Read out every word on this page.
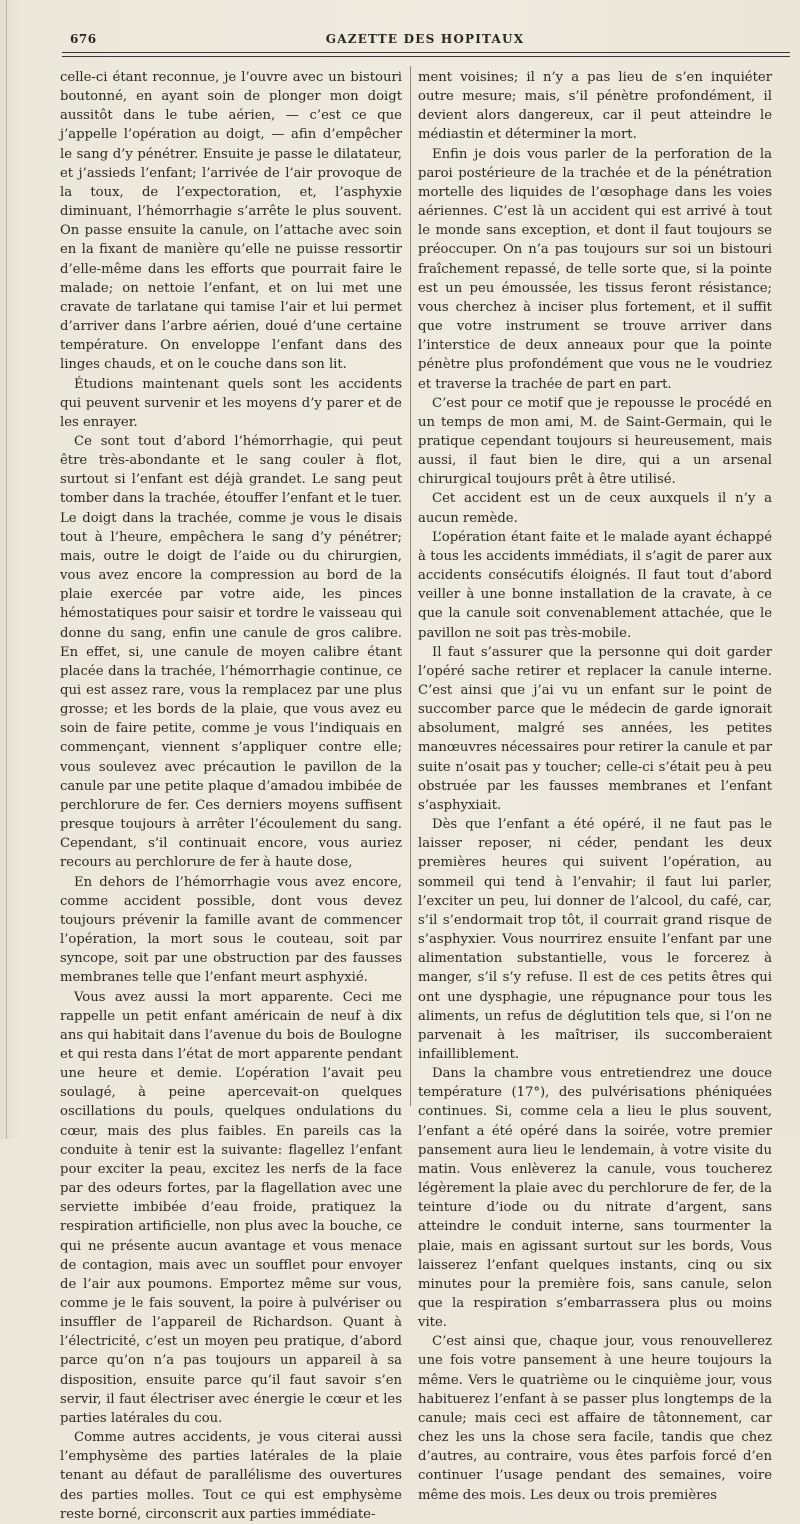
676	GAZETTE DES HOPITAUX

celle-ci étant reconnue, je l’ouvre avec un bistouri boutonné, en ayant soin de plonger mon doigt aussitôt dans le tube aérien, — c’est ce que j’appelle l’opération au doigt, — afin d’empêcher le sang d’y pénétrer. Ensuite je passe le dilatateur, et j’assieds l’enfant; l’arrivée de l’air provoque de la toux, de l’expectoration, et, l’asphyxie diminuant, l’hémorrhagie s’arrête le plus souvent. On passe ensuite la canule, on l’attache avec soin en la fixant de manière qu’elle ne puisse ressortir d’elle-même dans les efforts que pourrait faire le malade; on nettoie l’enfant, et on lui met une cravate de tarlatane qui tamise l’air et lui permet d’arriver dans l’arbre aérien, doué d’une certaine température. On enveloppe l’enfant dans des linges chauds, et on le couche dans son lit.

Étudions maintenant quels sont les accidents qui peuvent survenir et les moyens d’y parer et de les enrayer.

Ce sont tout d’abord l’hémorrhagie, qui peut être très-abondante et le sang couler à flot, surtout si l’enfant est déjà grandet. Le sang peut tomber dans la trachée, étouffer l’enfant et le tuer. Le doigt dans la trachée, comme je vous le disais tout à l’heure, empêchera le sang d’y pénétrer; mais, outre le doigt de l’aide ou du chirurgien, vous avez encore la compression au bord de la plaie exercée par votre aide, les pinces hémostatiques pour saisir et tordre le vaisseau qui donne du sang, enfin une canule de gros calibre. En effet, si, une canule de moyen calibre étant placée dans la trachée, l’hémorrhagie continue, ce qui est assez rare, vous la remplacez par une plus grosse; et les bords de la plaie, que vous avez eu soin de faire petite, comme je vous l’indiquais en commençant, viennent s’appliquer contre elle; vous soulevez avec précaution le pavillon de la canule par une petite plaque d’amadou imbibée de perchlorure de fer. Ces derniers moyens suffisent presque toujours à arrêter l’écoulement du sang. Cependant, s’il continuait encore, vous auriez recours au perchlorure de fer à haute dose,

En dehors de l’hémorrhagie vous avez encore, comme accident possible, dont vous devez toujours prévenir la famille avant de commencer l’opération, la mort sous le couteau, soit par syncope, soit par une obstruction par des fausses membranes telle que l’enfant meurt asphyxié.

Vous avez aussi la mort apparente. Ceci me rappelle un petit enfant américain de neuf à dix ans qui habitait dans l’avenue du bois de Boulogne et qui resta dans l’état de mort apparente pendant une heure et demie. L’opération l’avait peu soulagé, à peine apercevait-on quelques oscillations du pouls, quelques ondulations du cœur, mais des plus faibles. En pareils cas la conduite à tenir est la suivante: flagellez l’enfant pour exciter la peau, excitez les nerfs de la face par des odeurs fortes, par la flagellation avec une serviette imbibée d’eau froide, pratiquez la respiration artificielle, non plus avec la bouche, ce qui ne présente aucun avantage et vous menace de contagion, mais avec un soufflet pour envoyer de l’air aux poumons. Emportez même sur vous, comme je le fais souvent, la poire à pulvériser ou insuffler de l’appareil de Richardson. Quant à l’électricité, c’est un moyen peu pratique, d’abord parce qu’on n’a pas toujours un appareil à sa disposition, ensuite parce qu’il faut savoir s’en servir, il faut électriser avec énergie le cœur et les parties latérales du cou.

Comme autres accidents, je vous citerai aussi l’emphysème des parties latérales de la plaie tenant au défaut de parallélisme des ouvertures des parties molles. Tout ce qui est emphysème reste borné, circonscrit aux parties immédiate-

ment voisines; il n’y a pas lieu de s’en inquiéter outre mesure; mais, s’il pénètre profondément, il devient alors dangereux, car il peut atteindre le médiastin et déterminer la mort.

Enfin je dois vous parler de la perforation de la paroi postérieure de la trachée et de la pénétration mortelle des liquides de l’œsophage dans les voies aériennes. C’est là un accident qui est arrivé à tout le monde sans exception, et dont il faut toujours se préoccuper. On n’a pas toujours sur soi un bistouri fraîchement repassé, de telle sorte que, si la pointe est un peu émoussée, les tissus feront résistance; vous cherchez à inciser plus fortement, et il suffit que votre instrument se trouve arriver dans l’interstice de deux anneaux pour que la pointe pénètre plus profondément que vous ne le voudriez et traverse la trachée de part en part.

C’est pour ce motif que je repousse le procédé en un temps de mon ami, M. de Saint-Germain, qui le pratique cependant toujours si heureusement, mais aussi, il faut bien le dire, qui a un arsenal chirurgical toujours prêt à être utilisé.

Cet accident est un de ceux auxquels il n’y a aucun remède.

L’opération étant faite et le malade ayant échappé à tous les accidents immédiats, il s’agit de parer aux accidents consécutifs éloignés. Il faut tout d’abord veiller à une bonne installation de la cravate, à ce que la canule soit convenablement attachée, que le pavillon ne soit pas très-mobile.

Il faut s’assurer que la personne qui doit garder l’opéré sache retirer et replacer la canule interne. C’est ainsi que j’ai vu un enfant sur le point de succomber parce que le médecin de garde ignorait absolument, malgré ses années, les petites manœuvres nécessaires pour retirer la canule et par suite n’osait pas y toucher; celle-ci s’était peu à peu obstruée par les fausses membranes et l’enfant s’asphyxiait.

Dès que l’enfant a été opéré, il ne faut pas le laisser reposer, ni céder, pendant les deux premières heures qui suivent l’opération, au sommeil qui tend à l’envahir; il faut lui parler, l’exciter un peu, lui donner de l’alcool, du café, car, s’il s’endormait trop tôt, il courrait grand risque de s’asphyxier. Vous nourrirez ensuite l’enfant par une alimentation substantielle, vous le forcerez à manger, s’il s’y refuse. Il est de ces petits êtres qui ont une dysphagie, une répugnance pour tous les aliments, un refus de déglutition tels que, si l’on ne parvenait à les maîtriser, ils succomberaient infailliblement.

Dans la chambre vous entretiendrez une douce température (17°), des pulvérisations phéniquées continues. Si, comme cela a lieu le plus souvent, l’enfant a été opéré dans la soirée, votre premier pansement aura lieu le lendemain, à votre visite du matin. Vous enlèverez la canule, vous toucherez légèrement la plaie avec du perchlorure de fer, de la teinture d’iode ou du nitrate d’argent, sans atteindre le conduit interne, sans tourmenter la plaie, mais en agissant surtout sur les bords, Vous laisserez l’enfant quelques instants, cinq ou six minutes pour la première fois, sans canule, selon que la respiration s’embarrassera plus ou moins vite.

C’est ainsi que, chaque jour, vous renouvellerez une fois votre pansement à une heure toujours la même. Vers le quatrième ou le cinquième jour, vous habituerez l’enfant à se passer plus longtemps de la canule; mais ceci est affaire de tâtonnement, car chez les uns la chose sera facile, tandis que chez d’autres, au contraire, vous êtes parfois forcé d’en continuer l’usage pendant des semaines, voire même des mois. Les deux ou trois premières
